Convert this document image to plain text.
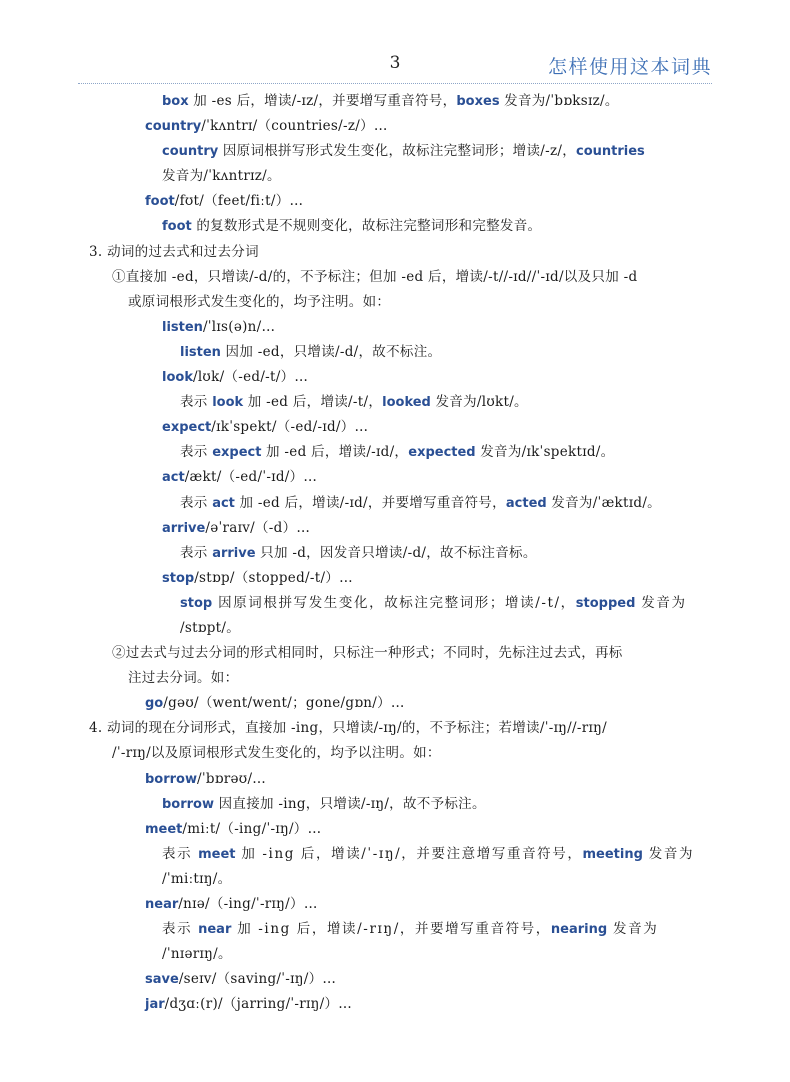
3	怎样使用这本词典

box 加 -es 后，增读/-ɪz/，并要增写重音符号，boxes 发音为/ˈbɒksɪz/。

country/ˈkʌntrɪ/（countries/-z/）…

country 因原词根拼写形式发生变化，故标注完整词形；增读/-z/，countries

发音为/ˈkʌntrɪz/。

foot/fʊt/（feet/fiːt/）…

foot 的复数形式是不规则变化，故标注完整词形和完整发音。

3. 动词的过去式和过去分词

①直接加 -ed，只增读/-d/的，不予标注；但加 -ed 后，增读/-t//-ɪd//ˈ-ɪd/以及只加 -d

或原词根形式发生变化的，均予注明。如：

listen/ˈlɪs(ə)n/…

listen 因加 -ed，只增读/-d/，故不标注。

look/lʊk/（-ed/-t/）…

表示 look 加 -ed 后，增读/-t/，looked 发音为/lʊkt/。

expect/ɪkˈspekt/（-ed/-ɪd/）…

表示 expect 加 -ed 后，增读/-ɪd/，expected 发音为/ɪkˈspektɪd/。

act/ækt/（-ed/ˈ-ɪd/）…

表示 act 加 -ed 后，增读/-ɪd/，并要增写重音符号，acted 发音为/ˈæktɪd/。

arrive/əˈraɪv/（-d）…

表示 arrive 只加 -d，因发音只增读/-d/，故不标注音标。

stop/stɒp/（stopped/-t/）…

stop 因原词根拼写发生变化，故标注完整词形；增读/-t/，stopped 发音为

/stɒpt/。

②过去式与过去分词的形式相同时，只标注一种形式；不同时，先标注过去式，再标

注过去分词。如：

go/gəʊ/（went/went/；gone/gɒn/）…

4. 动词的现在分词形式，直接加 -ing，只增读/-ɪŋ/的，不予标注；若增读/ˈ-ɪŋ//-rɪŋ/

/ˈ-rɪŋ/以及原词根形式发生变化的，均予以注明。如：

borrow/ˈbɒrəʊ/…

borrow 因直接加 -ing，只增读/-ɪŋ/，故不予标注。

meet/miːt/（-ing/ˈ-ɪŋ/）…

表示 meet 加 -ing 后，增读/ˈ-ɪŋ/，并要注意增写重音符号，meeting 发音为

/ˈmiːtɪŋ/。

near/nɪə/（-ing/ˈ-rɪŋ/）…

表示 near 加 -ing 后，增读/-rɪŋ/，并要增写重音符号，nearing 发音为

/ˈnɪərɪŋ/。

save/seɪv/（saving/ˈ-ɪŋ/）…

jar/dʒɑː(r)/（jarring/ˈ-rɪŋ/）…
